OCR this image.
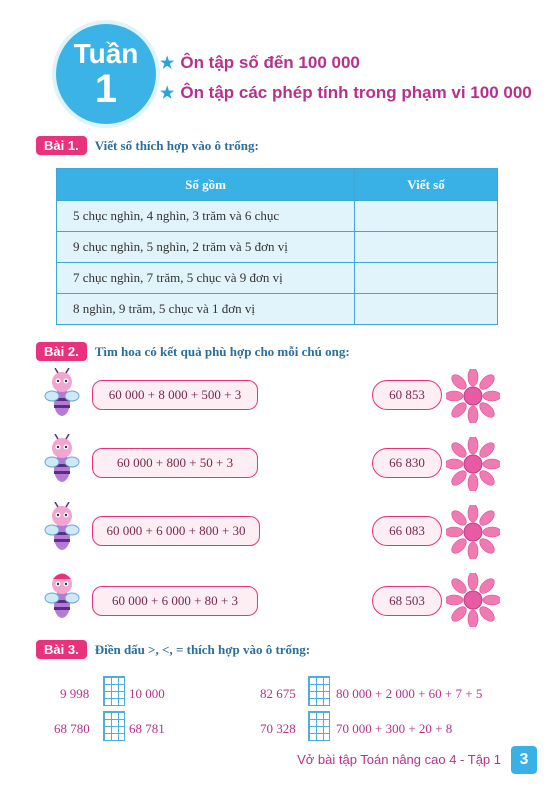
Tuần
1
★ Ôn tập số đến 100 000
★ Ôn tập các phép tính trong phạm vi 100 000
Bài 1.	Viết số thích hợp vào ô trống:
Số gồm	Viết số
5 chục nghìn, 4 nghìn, 3 trăm và 6 chục
9 chục nghìn, 5 nghìn, 2 trăm và 5 đơn vị
7 chục nghìn, 7 trăm, 5 chục và 9 đơn vị
8 nghìn, 9 trăm, 5 chục và 1 đơn vị
Bài 2.	Tìm hoa có kết quả phù hợp cho mỗi chú ong:
60 000 + 8 000 + 500 + 3	60 853
60 000 + 800 + 50 + 3	66 830
60 000 + 6 000 + 800 + 30	66 083
60 000 + 6 000 + 80 + 3	68 503
Bài 3.	Điền dấu >, <, = thích hợp vào ô trống:
9 998	10 000	82 675	80 000 + 2 000 + 60 + 7 + 5
68 780	68 781	70 328	70 000 + 300 + 20 + 8
Vở bài tập Toán nâng cao 4 - Tập 1	3
